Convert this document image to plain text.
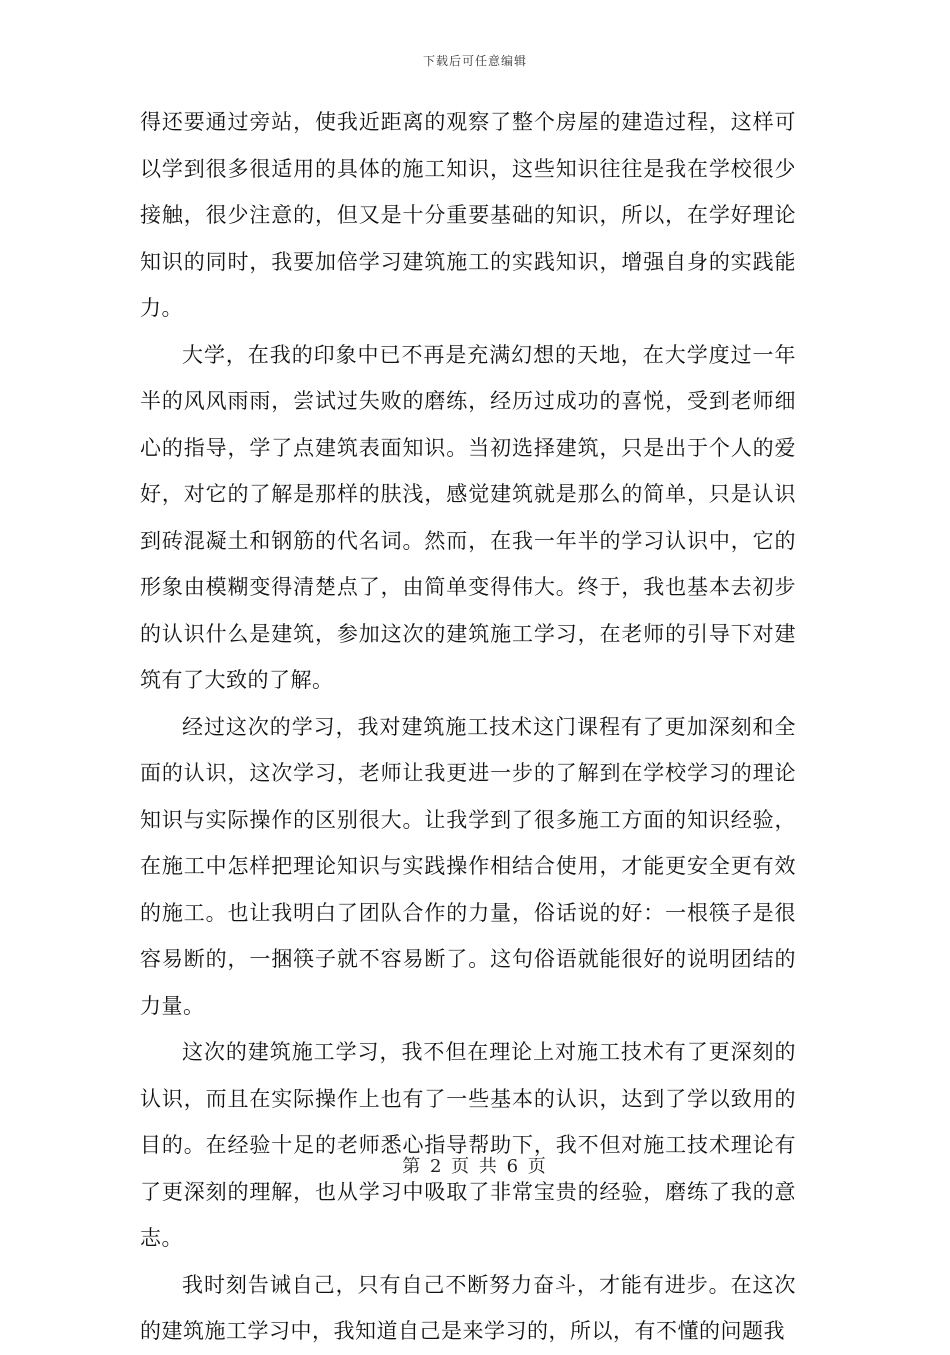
下载后可任意编辑

得还要通过旁站，使我近距离的观察了整个房屋的建造过程，这样可以学到很多很适用的具体的施工知识，这些知识往往是我在学校很少接触，很少注意的，但又是十分重要基础的知识，所以，在学好理论知识的同时，我要加倍学习建筑施工的实践知识，增强自身的实践能力。

大学，在我的印象中已不再是充满幻想的天地，在大学度过一年半的风风雨雨，尝试过失败的磨练，经历过成功的喜悦，受到老师细心的指导，学了点建筑表面知识。当初选择建筑，只是出于个人的爱好，对它的了解是那样的肤浅，感觉建筑就是那么的简单，只是认识到砖混凝土和钢筋的代名词。然而，在我一年半的学习认识中，它的形象由模糊变得清楚点了，由简单变得伟大。终于，我也基本去初步的认识什么是建筑，参加这次的建筑施工学习，在老师的引导下对建筑有了大致的了解。

经过这次的学习，我对建筑施工技术这门课程有了更加深刻和全面的认识，这次学习，老师让我更进一步的了解到在学校学习的理论知识与实际操作的区别很大。让我学到了很多施工方面的知识经验，在施工中怎样把理论知识与实践操作相结合使用，才能更安全更有效的施工。也让我明白了团队合作的力量，俗话说的好：一根筷子是很容易断的，一捆筷子就不容易断了。这句俗语就能很好的说明团结的力量。

这次的建筑施工学习，我不但在理论上对施工技术有了更深刻的认识，而且在实际操作上也有了一些基本的认识，达到了学以致用的目的。在经验十足的老师悉心指导帮助下，我不但对施工技术理论有了更深刻的理解，也从学习中吸取了非常宝贵的经验，磨练了我的意志。

我时刻告诫自己，只有自己不断努力奋斗，才能有进步。在这次的建筑施工学习中，我知道自己是来学习的，所以，有不懂的问题我

第 2 页 共 6 页
